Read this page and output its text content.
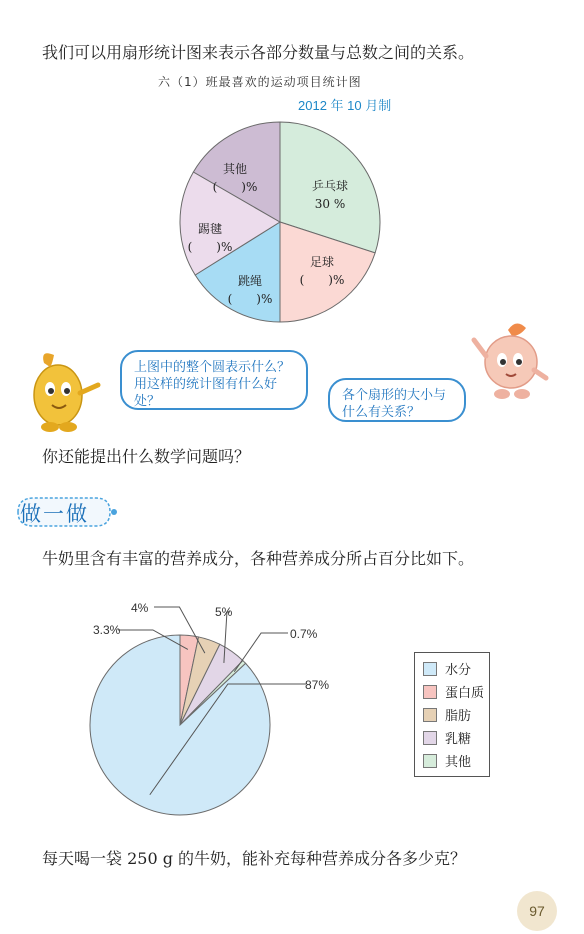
我们可以用扇形统计图来表示各部分数量与总数之间的关系。
六（1）班最喜欢的运动项目统计图
2012 年 10 月制
乒乓球
30 %
足球
(　　)%
跳绳
(　　)%
踢毽
(　　)%
其他
(　　)%
上图中的整个圆表示什么？用这样的统计图有什么好处？	各个扇形的大小与什么有关系？
你还能提出什么数学问题吗？
做一做
牛奶里含有丰富的营养成分，各种营养成分所占百分比如下。
87%
3.3%
4%	5%
0.7%
水分
蛋白质
脂肪
乳糖
其他
每天喝一袋 250 g 的牛奶，能补充每种营养成分各多少克？
97
